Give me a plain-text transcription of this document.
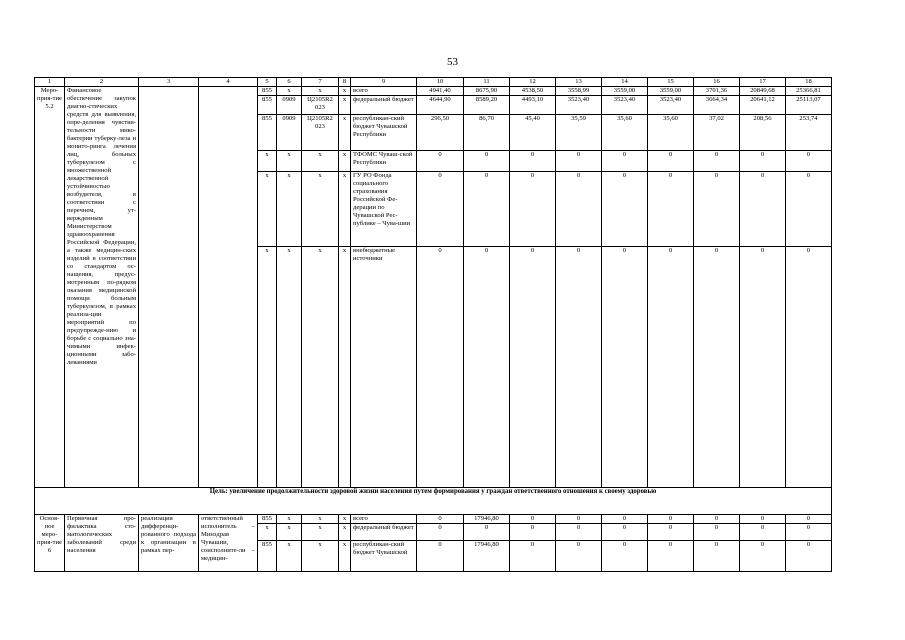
53
1	2	3	4	5	6	7	8	9	10	11	12	13	14	15	16	17	18
Меро-прия-тие 5.2	Финансовое обеспечение закупок диагно-стических средств для выявления, опре-деления чувстви-тельности мико-бактерии туберку-леза и монито-ринга лечения лиц, больных туберкулезом с множественной лекарственной устойчивостью возбудителя, в соответствии с перечнем, ут-вержденным Министерством здравоохранения Российской Федерации, а также медицин-ских изделий в соответствии со стандартом ос-нащения, предус-мотренным по-рядком оказания медицинской помощи больным туберкулезом, в рамках реализа-ции мероприятий по предупрежде-нию и борьбе с социально зна-чимыми инфек-ционными забо-леваниями			855	х	х	х	всего	4941,40	8675,90	4538,50	3558,99	3559,00	3559,00	3701,36	20849,68	25366,81
				855	0909	Ц2105R2 023	х	федеральный бюджет	4644,90	8589,20	4493,10	3523,40	3523,40	3523,40	3664,34	20641,12	25113,07
				855	0909	Ц2105R2 023	х	республикан-ский бюджет Чувашской Республики	296,50	86,70	45,40	35,59	35,60	35,60	37,02	208,56	253,74
				х	х	х	х	ТФОМС Чуваш-ской Республики	0	0	0	0	0	0	0	0	0
				х	х	х	х	ГУ РО Фонда социального страхования Российской Фе-дерации по Чувашской Рес-публике – Чува-шии	0	0	0	0	0	0	0	0	0
				х	х	х	х	внебюджетные источники	0	0	0	0	0	0	0	0	0
Цель: увеличение продолжительности здоровой жизни населения путем формирования у граждан ответственного отношения к своему здоровью																	
Основ-ное меро-прия-тие 6	Первичная про-филактика сто-матологических заболеваний среди населения	реализация дифференци-рованного подхода к организации в рамках пер-	ответственный исполнитель – Минздрав Чувашии, соисполните-ли – медицин-	855	х	х	х	всего	0	17946,80	0	0	0	0	0	0	0
				х	х	х	х	федеральный бюджет	0	0	0	0	0	0	0	0	0
				855	х	х	х	республикан-ский бюджет Чувашской	0	17946,80	0	0	0	0	0	0	0
